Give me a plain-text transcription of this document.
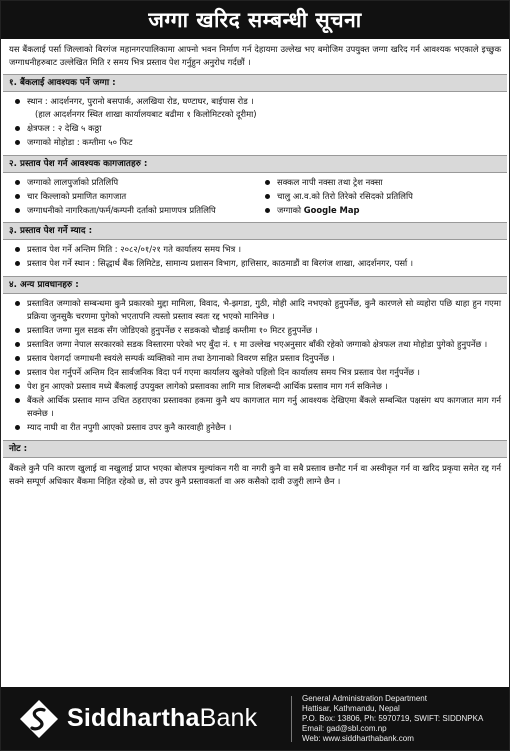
जग्गा खरिद सम्बन्धी सूचना

यस बैंकलाई पर्सा जिल्लाको बिरगंज महानगरपालिकामा आफ्नो भवन निर्माण गर्न देहायमा उल्लेख भए बमोजिम उपयुक्त जग्गा खरिद गर्न आवश्यक भएकाले इच्छुक जग्गाधनीहरुबाट उल्लेखित मिति र समय भित्र प्रस्ताव पेश गर्नुहुन अनुरोध गर्दछौं ।

१. बैंकलाई आवश्यक पर्ने जग्गा :
स्थान : आदर्शनगर, पुरानो बसपार्क, अलखिया रोड, घण्टाघर, बाईपास रोड ।
(हाल आदर्शनगर स्थित शाखा कार्यालयबाट बढीमा १ किलोमिटरको दूरीमा)
क्षेत्रफल : २ देखि ५ कठ्ठा
जग्गाको मोहोडा : कम्तीमा ५० फिट
२. प्रस्ताव पेश गर्न आवश्यक कागजातहरु :
जग्गाको लालपुर्जाको प्रतिलिपि	सक्कल नापी नक्सा तथा ट्रेश नक्सा
चार किल्लाको प्रमाणित कागजात	चालु आ.व.को तिरो तिरेको रसिदको प्रतिलिपि
जग्गाधनीको नागरिकता/फर्म/कम्पनी दर्ताको प्रमाणपत्र प्रतिलिपि	जग्गाको Google Map
३. प्रस्ताव पेश गर्ने म्याद :
प्रस्ताव पेश गर्ने अन्तिम मिति : २०८२/०१/२१ गते कार्यालय समय भित्र ।
प्रस्ताव पेश गर्ने स्थान : सिद्धार्थ बैंक लिमिटेड, सामान्य प्रशासन विभाग, हात्तिसार, काठमाडौं वा बिरगंज शाखा, आदर्शनगर, पर्सा ।
४. अन्य प्रावधानहरु :
प्रस्तावित जग्गाको सम्बन्धमा कुनै प्रकारको मुद्दा मामिला, विवाद, भै-झगडा, गुठी, मोही आदि नभएको हुनुपर्नेछ, कुनै कारणले सो व्यहोरा पछि थाहा हुन गएमा प्रक्रिया जुनसुकै चरणमा पुगेको भएतापनि त्यस्तो प्रस्ताव स्वतः रद्द भएको मानिनेछ ।
प्रस्तावित जग्गा मुल सडक सँग जोडिएको हुनुपर्नेछ र सडकको चौडाई कम्तीमा १० मिटर हुनुपर्नेछ ।
प्रस्तावित जग्गा नेपाल सरकारको सडक विस्तारमा परेको भए बुँदा नं. १ मा उल्लेख भएअनुसार बाँकी रहेको जग्गाको क्षेत्रफल तथा मोहोडा पुगेको हुनुपर्नेछ ।
प्रस्ताव पेशगर्दा जग्गाधनी स्वयंले सम्पर्क व्यक्तिको नाम तथा ठेगानाको विवरण सहित प्रस्ताव दिनुपर्नेछ ।
प्रस्ताव पेश गर्नुपर्ने अन्तिम दिन सार्वजनिक विदा पर्न गएमा कार्यालय खुलेको पहिलो दिन कार्यालय समय भित्र प्रस्ताव पेश गर्नुपर्नेछ ।
पेश हुन आएको प्रस्ताव मध्ये बैंकलाई उपयुक्त लागेको प्रस्तावका लागि मात्र शिलबन्दी आर्थिक प्रस्ताव माग गर्न सकिनेछ ।
बैंकले आर्थिक प्रस्ताव माग्न उचित ठहराएका प्रस्तावका हकमा कुनै थप कागजात माग गर्नु आवश्यक देखिएमा बैंकले सम्बन्धित पक्षसंग थप कागजात माग गर्न सक्नेछ ।
म्याद नाघी वा रीत नपुगी आएको प्रस्ताव उपर कुनै कारवाही हुनेछैन ।
नोट :

बैंकले कुनै पनि कारण खुलाई वा नखुलाई प्राप्त भएका बोलपत्र मुल्यांकन गरी वा नगरी कुनै वा सबै प्रस्ताव छनौट गर्न वा अस्वीकृत गर्न वा खरिद प्रकृया समेत रद्द गर्न सक्ने सम्पूर्ण अधिकार बैंकमा निहित रहेको छ, सो उपर कुनै प्रस्तावकर्ता वा अरु कसैको दावी उजुरी लाग्ने छैन ।

SiddharthaBank
General Administration Department
Hattisar, Kathmandu, Nepal
P.O. Box: 13806, Ph: 5970719, SWIFT: SIDDNPKA
Email: gad@sbl.com.np
Web: www.siddharthabank.com
